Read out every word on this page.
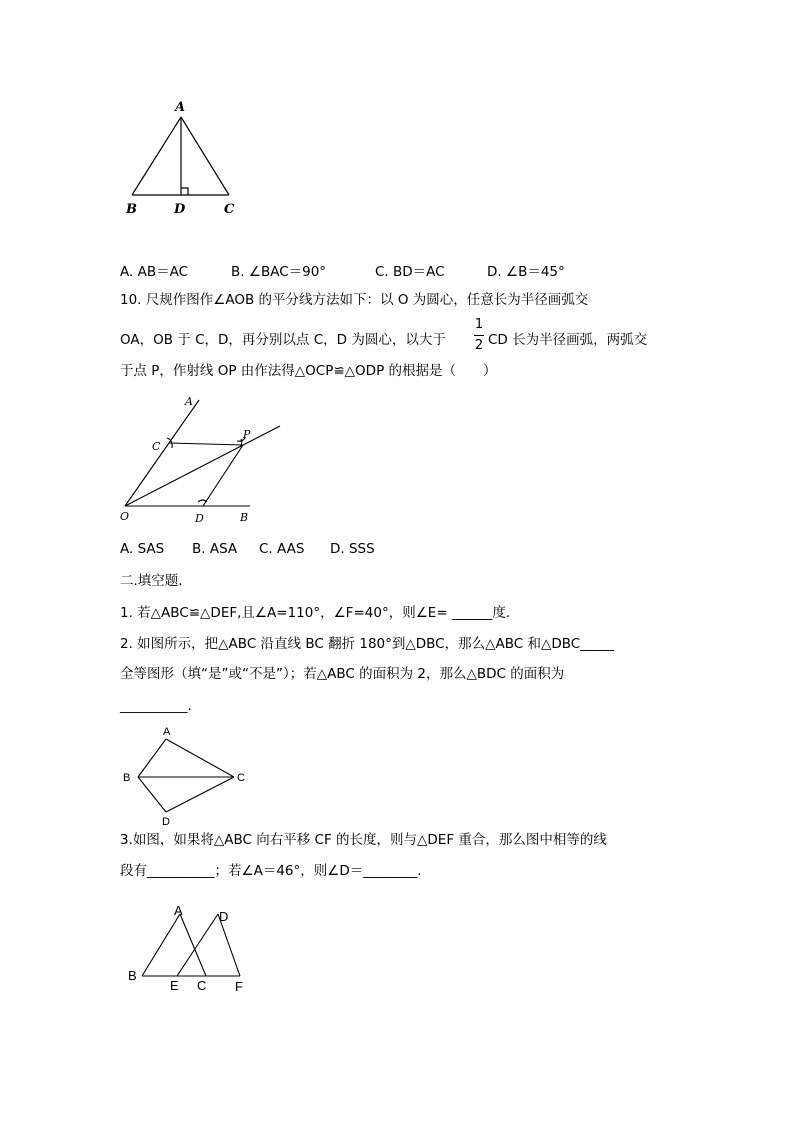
A
B	D	C
A. AB＝AC	B. ∠BAC＝90°	C. BD＝AC	D. ∠B＝45°
10. 尺规作图作∠AOB 的平分线方法如下：以 O 为圆心，任意长为半径画弧交
OA，OB 于 C，D，再分别以点 C，D 为圆心，以大于
1
2 CD 长为半径画弧，两弧交
于点 P，作射线 OP 由作法得△OCP≌△ODP 的根据是（　　）
A
C
P
O	D	B
A. SAS B. ASA C. AAS D. SSS
二.填空题.
1. 若△ABC≌△DEF,且∠A=110°，∠F=40°，则∠E= ______度.
2. 如图所示，把△ABC 沿直线 BC 翻折 180°到△DBC，那么△ABC 和△DBC_____
全等图形（填“是”或“不是”）；若△ABC 的面积为 2，那么△BDC 的面积为
__________.
A
B	C
D
3.如图，如果将△ABC 向右平移 CF 的长度，则与△DEF 重合，那么图中相等的线
段有__________；若∠A＝46°，则∠D＝________.
A	D
B
E C F
